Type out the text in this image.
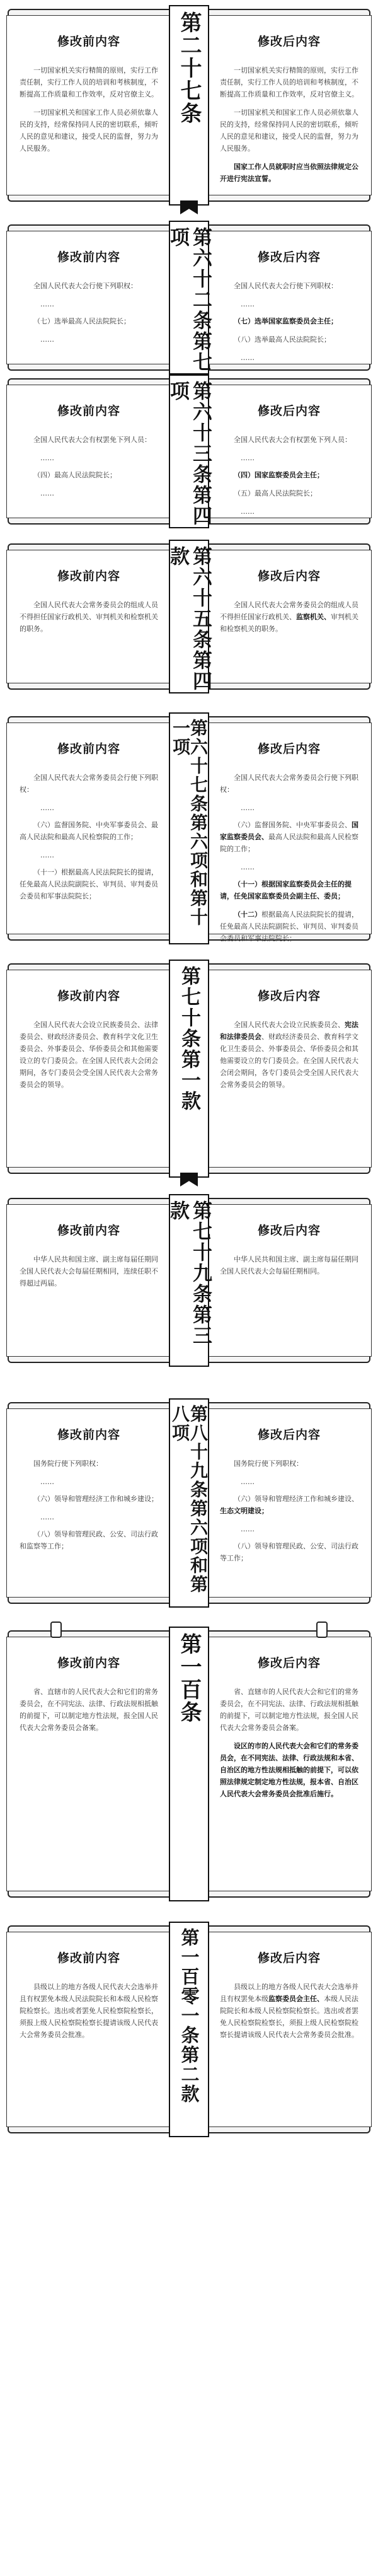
修改前内容

一切国家机关实行精简的原则，实行工作责任制，实行工作人员的培训和考核制度，不断提高工作质量和工作效率，反对官僚主义。

一切国家机关和国家工作人员必须依靠人民的支持，经常保持同人民的密切联系，倾听人民的意见和建议，接受人民的监督，努力为人民服务。

修改后内容

一切国家机关实行精简的原则，实行工作责任制，实行工作人员的培训和考核制度，不断提高工作质量和工作效率，反对官僚主义。

一切国家机关和国家工作人员必须依靠人民的支持，经常保持同人民的密切联系，倾听人民的意见和建议，接受人民的监督，努力为人民服务。

国家工作人员就职时应当依照法律规定公开进行宪法宣誓。

第二十七条
修改前内容

全国人民代表大会行使下列职权：

……

（七）选举最高人民法院院长；

……

修改后内容

全国人民代表大会行使下列职权：

……

（七）选举国家监察委员会主任；

（八）选举最高人民法院院长；

……

第六十二条第七项
修改前内容

全国人民代表大会有权罢免下列人员：

……

（四）最高人民法院院长；

……

修改后内容

全国人民代表大会有权罢免下列人员：

……

（四）国家监察委员会主任；

（五）最高人民法院院长；

……

第六十三条第四项
修改前内容

全国人民代表大会常务委员会的组成人员不得担任国家行政机关、审判机关和检察机关的职务。

修改后内容

全国人民代表大会常务委员会的组成人员不得担任国家行政机关、监察机关、审判机关和检察机关的职务。

第六十五条第四款
修改前内容

全国人民代表大会常务委员会行使下列职权：

……

（六）监督国务院、中央军事委员会、最高人民法院和最高人民检察院的工作；

……

（十一）根据最高人民法院院长的提请，任免最高人民法院副院长、审判员、审判委员会委员和军事法院院长；

修改后内容

全国人民代表大会常务委员会行使下列职权：

……

（六）监督国务院、中央军事委员会、国家监察委员会、最高人民法院和最高人民检察院的工作；

……

（十一）根据国家监察委员会主任的提请，任免国家监察委员会副主任、委员；

（十二）根据最高人民法院院长的提请，任免最高人民法院副院长、审判员、审判委员会委员和军事法院院长；

第六十七条第六项和第十一项
修改前内容

全国人民代表大会设立民族委员会、法律委员会、财政经济委员会、教育科学文化卫生委员会、外事委员会、华侨委员会和其他需要设立的专门委员会。在全国人民代表大会闭会期间，各专门委员会受全国人民代表大会常务委员会的领导。

修改后内容

全国人民代表大会设立民族委员会、宪法和法律委员会、财政经济委员会、教育科学文化卫生委员会、外事委员会、华侨委员会和其他需要设立的专门委员会。在全国人民代表大会闭会期间，各专门委员会受全国人民代表大会常务委员会的领导。

第七十条第一款
修改前内容

中华人民共和国主席、副主席每届任期同全国人民代表大会每届任期相同，连续任职不得超过两届。

修改后内容

中华人民共和国主席、副主席每届任期同全国人民代表大会每届任期相同。

第七十九条第三款
修改前内容

国务院行使下列职权：

……

（六）领导和管理经济工作和城乡建设；

……

（八）领导和管理民政、公安、司法行政和监察等工作；

修改后内容

国务院行使下列职权：

……

（六）领导和管理经济工作和城乡建设、生态文明建设；

……

（八）领导和管理民政、公安、司法行政等工作；

第八十九条第六项和第八项
修改前内容

省、直辖市的人民代表大会和它们的常务委员会，在不同宪法、法律、行政法规相抵触的前提下，可以制定地方性法规，报全国人民代表大会常务委员会备案。

修改后内容

省、直辖市的人民代表大会和它们的常务委员会，在不同宪法、法律、行政法规相抵触的前提下，可以制定地方性法规，报全国人民代表大会常务委员会备案。

设区的市的人民代表大会和它们的常务委员会，在不同宪法、法律、行政法规和本省、自治区的地方性法规相抵触的前提下，可以依照法律规定制定地方性法规，报本省、自治区人民代表大会常务委员会批准后施行。

第一百条
修改前内容

县级以上的地方各级人民代表大会选举并且有权罢免本级人民法院院长和本级人民检察院检察长。选出或者罢免人民检察院检察长，须报上级人民检察院检察长提请该级人民代表大会常务委员会批准。

修改后内容

县级以上的地方各级人民代表大会选举并且有权罢免本级监察委员会主任、本级人民法院院长和本级人民检察院检察长。选出或者罢免人民检察院检察长，须报上级人民检察院检察长提请该级人民代表大会常务委员会批准。

第一百零一条第二款
